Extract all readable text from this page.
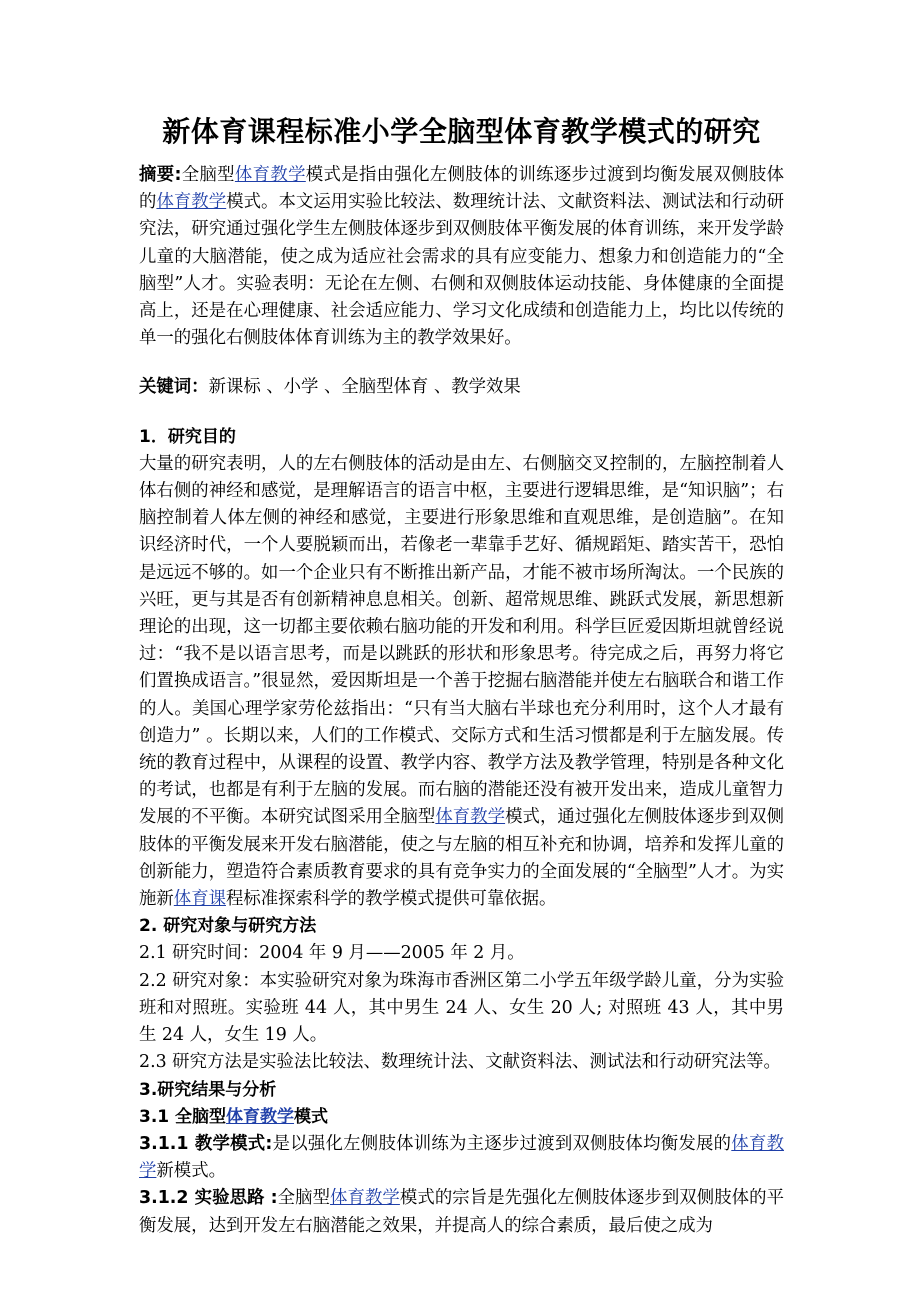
新体育课程标准小学全脑型体育教学模式的研究

摘要:全脑型体育教学模式是指由强化左侧肢体的训练逐步过渡到均衡发展双侧肢体的体育教学模式。本文运用实验比较法、数理统计法、文献资料法、测试法和行动研究法，研究通过强化学生左侧肢体逐步到双侧肢体平衡发展的体育训练，来开发学龄儿童的大脑潜能，使之成为适应社会需求的具有应变能力、想象力和创造能力的“全脑型”人才。实验表明：无论在左侧、右侧和双侧肢体运动技能、身体健康的全面提高上，还是在心理健康、社会适应能力、学习文化成绩和创造能力上，均比以传统的单一的强化右侧肢体体育训练为主的教学效果好。

关键词：新课标 、小学 、全脑型体育 、教学效果

1．研究目的

大量的研究表明，人的左右侧肢体的活动是由左、右侧脑交叉控制的，左脑控制着人体右侧的神经和感觉，是理解语言的语言中枢，主要进行逻辑思维，是“知识脑”；右脑控制着人体左侧的神经和感觉，主要进行形象思维和直观思维，是创造脑”。在知识经济时代，一个人要脱颖而出，若像老一辈靠手艺好、循规蹈矩、踏实苦干，恐怕是远远不够的。如一个企业只有不断推出新产品，才能不被市场所淘汰。一个民族的兴旺，更与其是否有创新精神息息相关。创新、超常规思维、跳跃式发展，新思想新理论的出现，这一切都主要依赖右脑功能的开发和利用。科学巨匠爱因斯坦就曾经说过：“我不是以语言思考，而是以跳跃的形状和形象思考。待完成之后，再努力将它们置换成语言。”很显然，爱因斯坦是一个善于挖掘右脑潜能并使左右脑联合和谐工作的人。美国心理学家劳伦兹指出：“只有当大脑右半球也充分利用时，这个人才最有创造力” 。长期以来，人们的工作模式、交际方式和生活习惯都是利于左脑发展。传统的教育过程中，从课程的设置、教学内容、教学方法及教学管理，特别是各种文化的考试，也都是有利于左脑的发展。而右脑的潜能还没有被开发出来，造成儿童智力发展的不平衡。本研究试图采用全脑型体育教学模式，通过强化左侧肢体逐步到双侧肢体的平衡发展来开发右脑潜能，使之与左脑的相互补充和协调，培养和发挥儿童的创新能力，塑造符合素质教育要求的具有竞争实力的全面发展的“全脑型”人才。为实施新体育课程标准探索科学的教学模式提供可靠依据。

2. 研究对象与研究方法

2.1 研究时间：2004 年 9 月——2005 年 2 月。

2.2 研究对象：本实验研究对象为珠海市香洲区第二小学五年级学龄儿童，分为实验班和对照班。实验班 44 人，其中男生 24 人、女生 20 人; 对照班 43 人，其中男生 24 人，女生 19 人。

2.3 研究方法是实验法比较法、数理统计法、文献资料法、测试法和行动研究法等。

3.研究结果与分析

3.1 全脑型体育教学模式

3.1.1 教学模式:是以强化左侧肢体训练为主逐步过渡到双侧肢体均衡发展的体育教学新模式。

3.1.2 实验思路 :全脑型体育教学模式的宗旨是先强化左侧肢体逐步到双侧肢体的平衡发展，达到开发左右脑潜能之效果，并提高人的综合素质，最后使之成为
